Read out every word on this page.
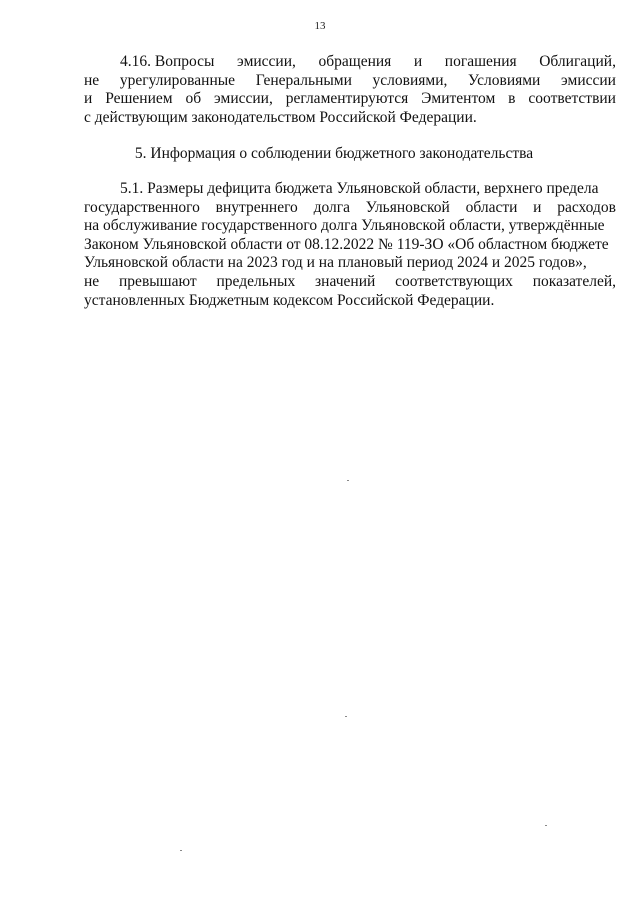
13
4.16. Вопросы эмиссии, обращения и погашения Облигаций,
не урегулированные Генеральными условиями, Условиями эмиссии
и Решением об эмиссии, регламентируются Эмитентом в соответствии
с действующим законодательством Российской Федерации.
5. Информация о соблюдении бюджетного законодательства
5.1. Размеры дефицита бюджета Ульяновской области, верхнего предела
государственного внутреннего долга Ульяновской области и расходов
на обслуживание государственного долга Ульяновской области, утверждённые
Законом Ульяновской области от 08.12.2022 № 119-ЗО «Об областном бюджете
Ульяновской области на 2023 год и на плановый период 2024 и 2025 годов»,
не превышают предельных значений соответствующих показателей,
установленных Бюджетным кодексом Российской Федерации.
